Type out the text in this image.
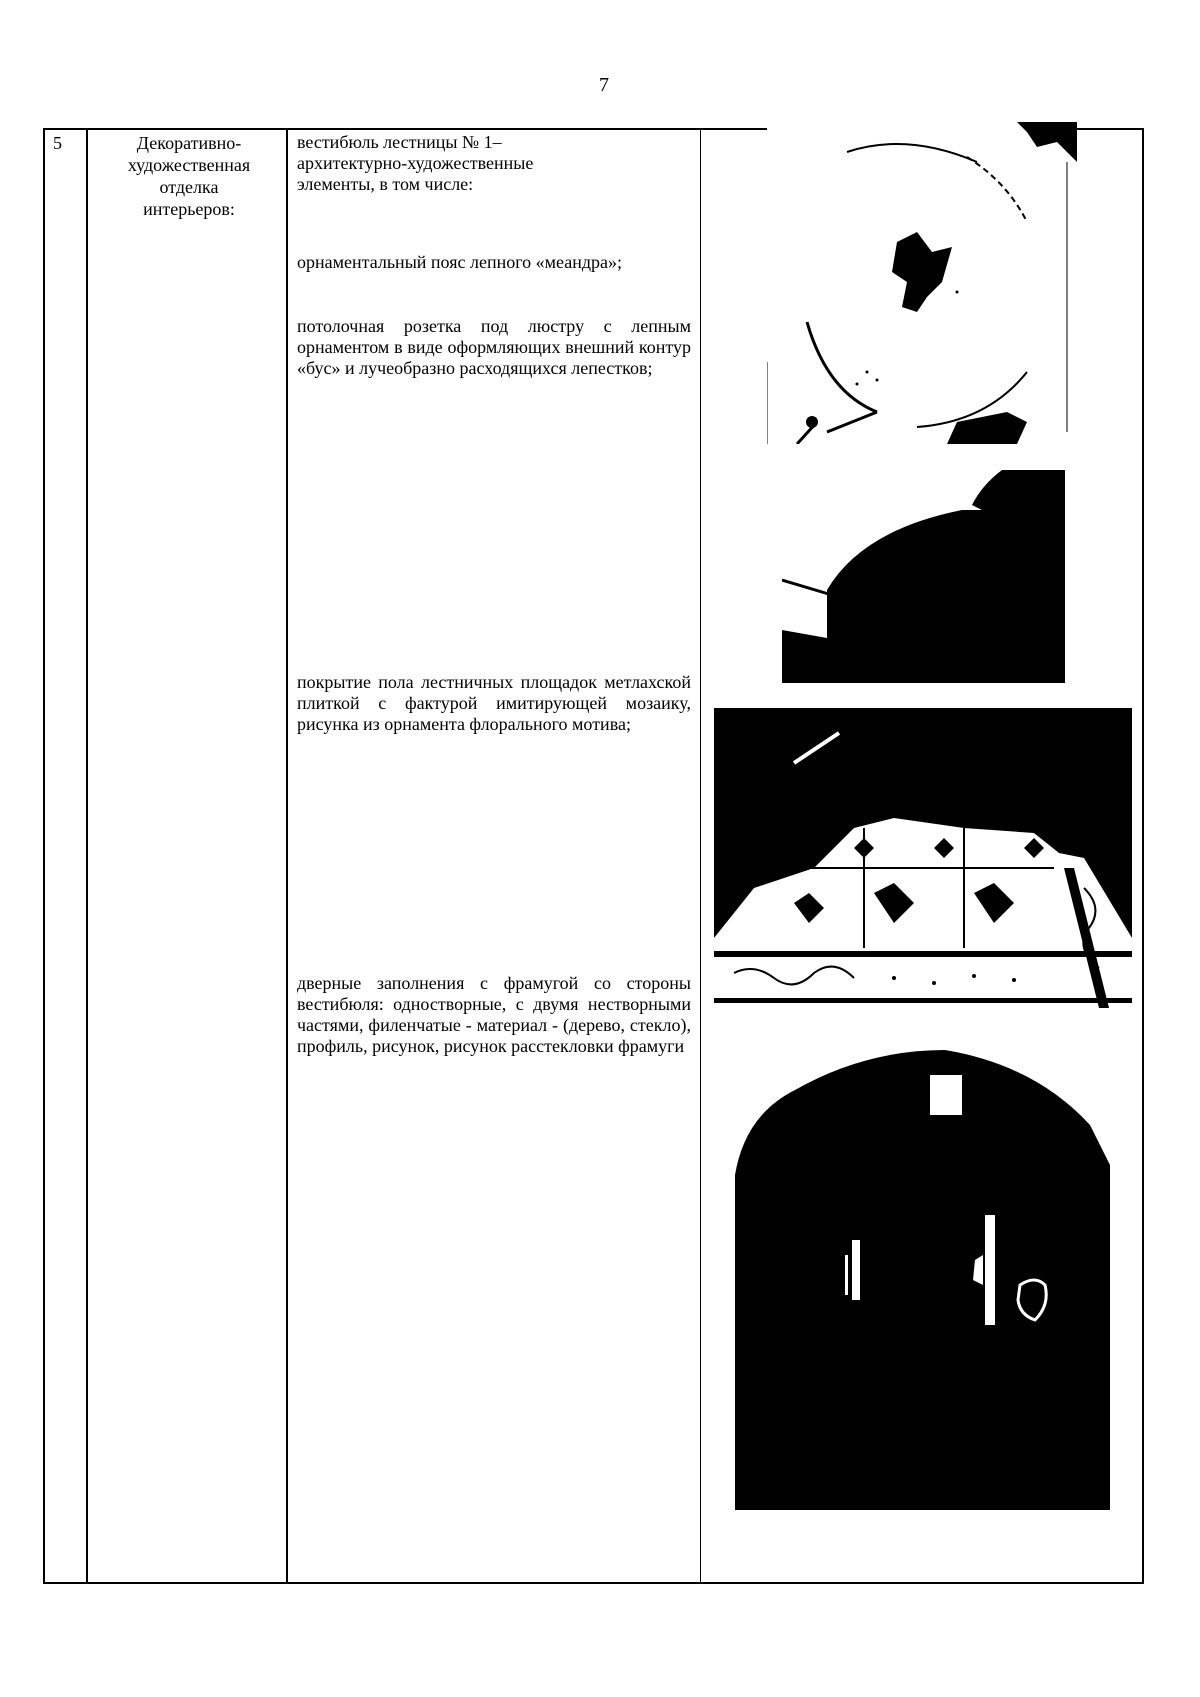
7
5	Декоративно-
художественная
отделка
интерьеров:
вестибюль лестницы № 1–
архитектурно-художественные
элементы, в том числе:
орнаментальный пояс лепного «меандра»;
потолочная розетка под люстру с лепным орнаментом в виде оформляющих внешний контур «бус» и лучеобразно расходящихся лепестков;
покрытие пола лестничных площадок метлахской плиткой с фактурой имитирующей мозаику, рисунка из орнамента флорального мотива;
дверные заполнения с фрамугой со стороны вестибюля: одностворные, с двумя нестворными частями, филенчатые - материал - (дерево, стекло), профиль, рисунок, рисунок расстекловки фрамуги
